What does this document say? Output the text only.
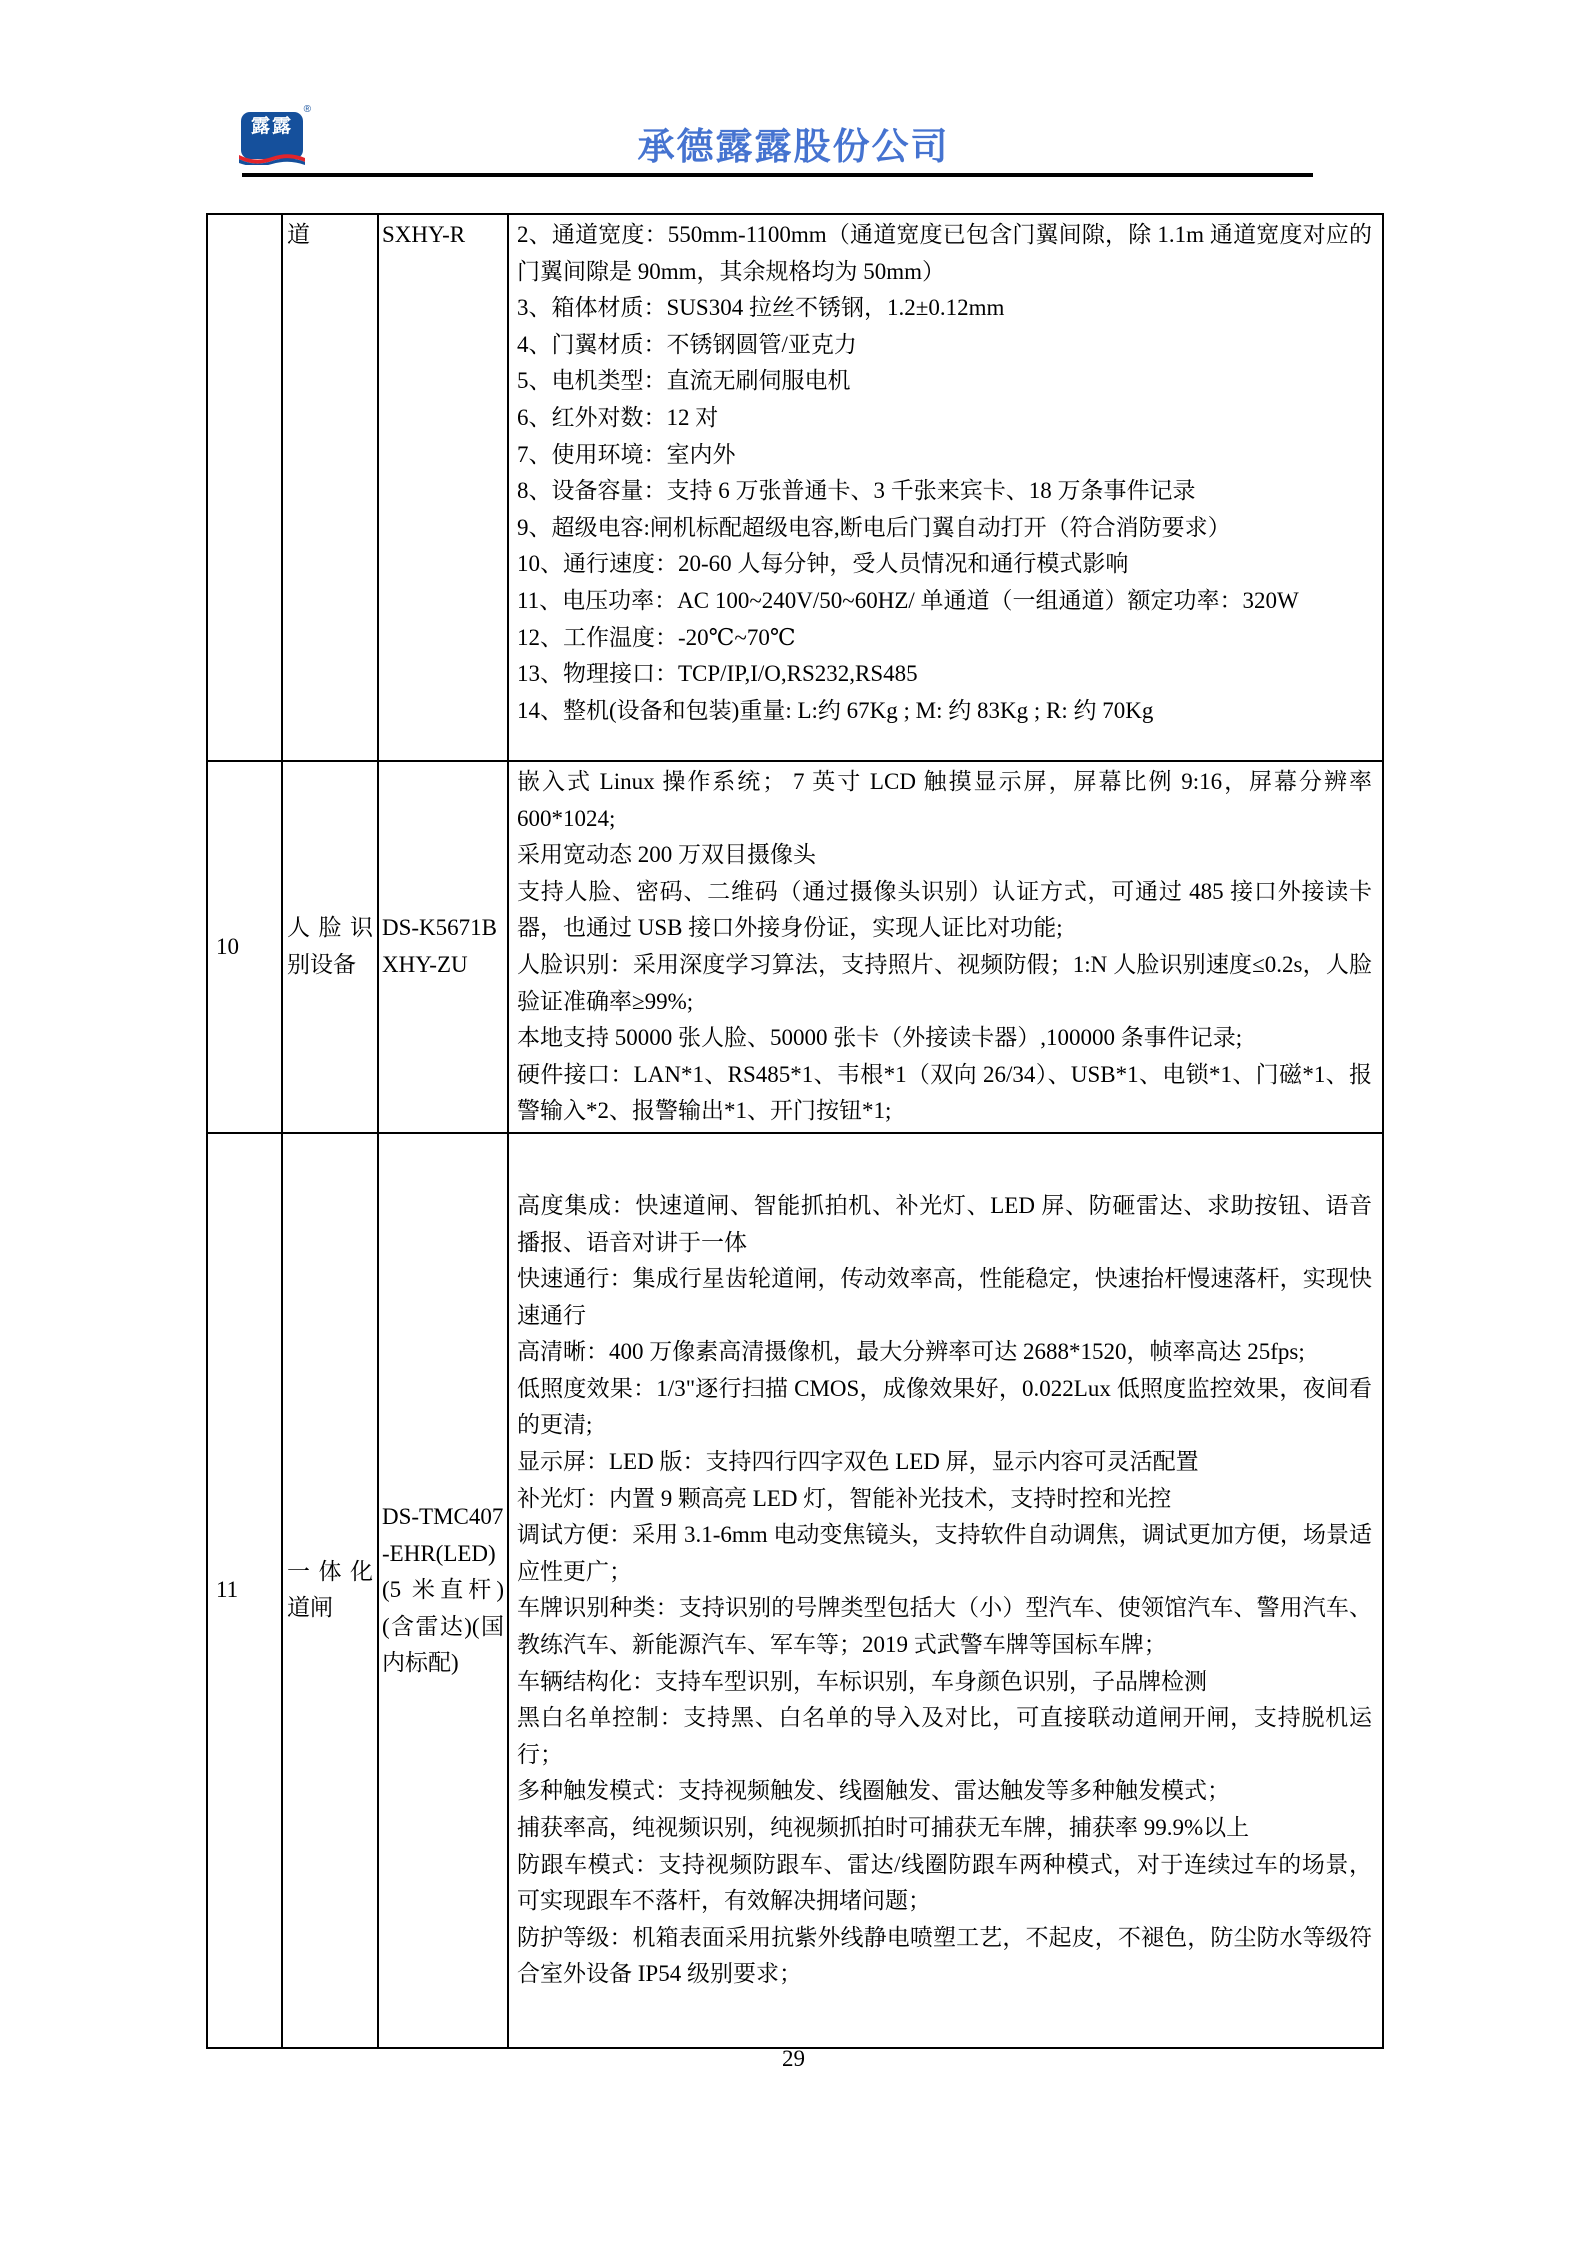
露露
®
承德露露股份公司
	道	SXHY-R	2、通道宽度：550mm-1100mm（通道宽度已包含门翼间隙，除 1.1m 通道宽度对应的门翼间隙是 90mm，其余规格均为 50mm）
3、箱体材质：SUS304 拉丝不锈钢，1.2±0.12mm
4、门翼材质：不锈钢圆管/亚克力
5、电机类型：直流无刷伺服电机
6、红外对数：12 对
7、使用环境：室内外
8、设备容量：支持 6 万张普通卡、3 千张来宾卡、18 万条事件记录
9、超级电容:闸机标配超级电容,断电后门翼自动打开（符合消防要求）
10、通行速度：20-60 人每分钟，受人员情况和通行模式影响
11、电压功率：AC 100~240V/50~60HZ/ 单通道（一组通道）额定功率：320W
12、工作温度：-20℃~70℃
13、物理接口：TCP/IP,I/O,RS232,RS485
14、整机(设备和包装)重量: L:约 67Kg ; M: 约 83Kg ; R: 约 70Kg

10	人脸识别设备	DS-K5671B XHY-ZU	
嵌入式 Linux 操作系统； 7 英寸 LCD 触摸显示屏，屏幕比例 9:16，屏幕分辨率 600*1024;
采用宽动态 200 万双目摄像头
支持人脸、密码、二维码（通过摄像头识别）认证方式，可通过 485 接口外接读卡器，也通过 USB 接口外接身份证，实现人证比对功能;
人脸识别：采用深度学习算法，支持照片、视频防假；1:N 人脸识别速度≤0.2s，人脸验证准确率≥99%;
本地支持 50000 张人脸、50000 张卡（外接读卡器）,100000 条事件记录;
硬件接口：LAN*1、RS485*1、韦根*1（双向 26/34）、USB*1、电锁*1、门磁*1、报警输入*2、报警输出*1、开门按钮*1;

11	一体化道闸	DS-TMC407-EHR(LED)(5 米直杆)(含雷达)(国内标配)	
高度集成：快速道闸、智能抓拍机、补光灯、LED 屏、防砸雷达、求助按钮、语音播报、语音对讲于一体
快速通行：集成行星齿轮道闸，传动效率高，性能稳定，快速抬杆慢速落杆，实现快速通行
高清晰：400 万像素高清摄像机，最大分辨率可达 2688*1520，帧率高达 25fps;
低照度效果：1/3"逐行扫描 CMOS，成像效果好，0.022Lux 低照度监控效果，夜间看的更清;
显示屏：LED 版：支持四行四字双色 LED 屏，显示内容可灵活配置
补光灯：内置 9 颗高亮 LED 灯，智能补光技术，支持时控和光控
调试方便：采用 3.1-6mm 电动变焦镜头，支持软件自动调焦，调试更加方便，场景适应性更广；
车牌识别种类：支持识别的号牌类型包括大（小）型汽车、使领馆汽车、警用汽车、教练汽车、新能源汽车、军车等；2019 式武警车牌等国标车牌；
车辆结构化：支持车型识别，车标识别，车身颜色识别，子品牌检测
黑白名单控制：支持黑、白名单的导入及对比，可直接联动道闸开闸，支持脱机运行；
多种触发模式：支持视频触发、线圈触发、雷达触发等多种触发模式；
捕获率高，纯视频识别，纯视频抓拍时可捕获无车牌，捕获率 99.9%以上
防跟车模式：支持视频防跟车、雷达/线圈防跟车两种模式，对于连续过车的场景，可实现跟车不落杆，有效解决拥堵问题；
防护等级：机箱表面采用抗紫外线静电喷塑工艺，不起皮，不褪色，防尘防水等级符合室外设备 IP54 级别要求；
29
